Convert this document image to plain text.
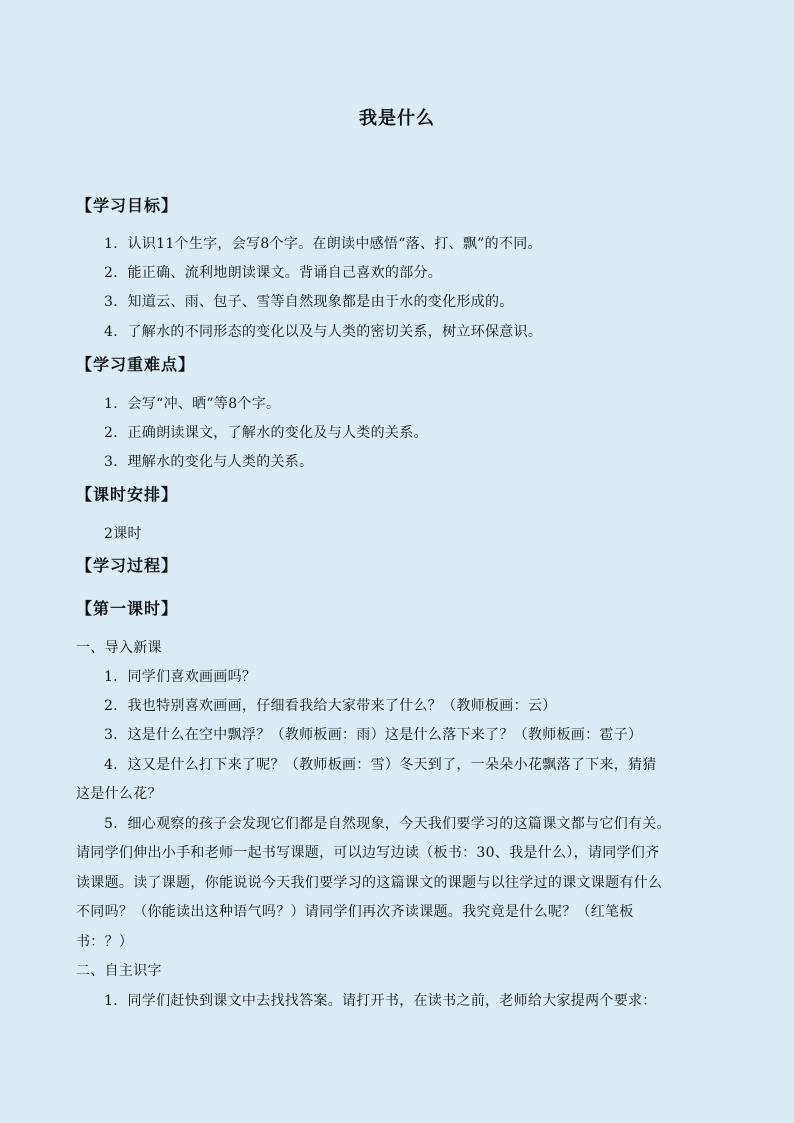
我是什么
【学习目标】
1．认识11个生字，会写8个字。在朗读中感悟“落、打、飘”的不同。
2．能正确、流利地朗读课文。背诵自己喜欢的部分。
3．知道云、雨、包子、雪等自然现象都是由于水的变化形成的。
4．了解水的不同形态的变化以及与人类的密切关系，树立环保意识。
【学习重难点】
1．会写“冲、晒”等8个字。
2．正确朗读课文，了解水的变化及与人类的关系。
3．理解水的变化与人类的关系。
【课时安排】
2课时
【学习过程】
【第一课时】
一、导入新课
1．同学们喜欢画画吗？
2．我也特别喜欢画画，仔细看我给大家带来了什么？（教师板画：云）
3．这是什么在空中飘浮？（教师板画：雨）这是什么落下来了？（教师板画：雹子）
4．这又是什么打下来了呢？（教师板画：雪）冬天到了，一朵朵小花飘落了下来，猜猜
这是什么花？
5．细心观察的孩子会发现它们都是自然现象，今天我们要学习的这篇课文都与它们有关。
请同学们伸出小手和老师一起书写课题，可以边写边读（板书：30、我是什么），请同学们齐
读课题。读了课题，你能说说今天我们要学习的这篇课文的课题与以往学过的课文课题有什么
不同吗？（你能读出这种语气吗？）请同学们再次齐读课题。我究竟是什么呢？（红笔板
书：？）
二、自主识字
1．同学们赶快到课文中去找找答案。请打开书，在读书之前，老师给大家提两个要求：
